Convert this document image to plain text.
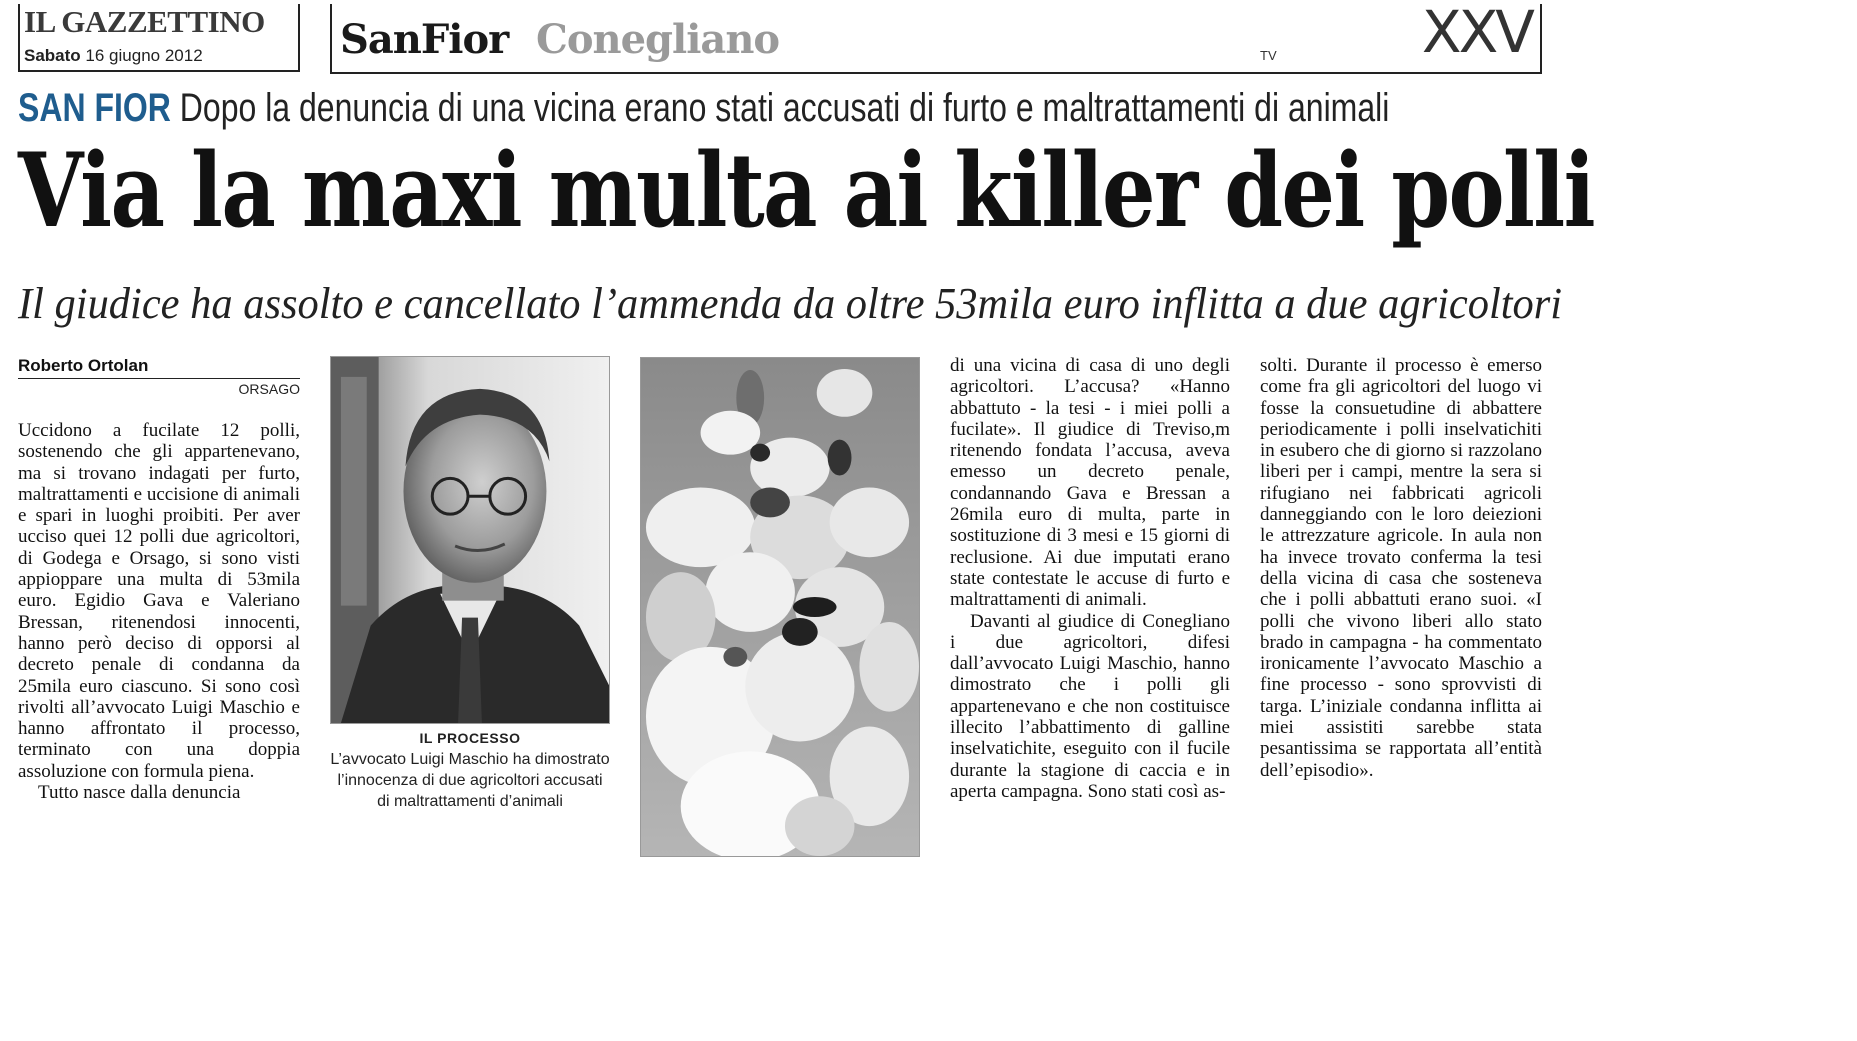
IL GAZZETTINO
Sabato 16 giugno 2012	SanFior Conegliano	TV	XXV
SAN FIOR Dopo la denuncia di una vicina erano stati accusati di furto e maltrattamenti di animali
Via la maxi multa ai killer dei polli
Il giudice ha assolto e cancellato l’ammenda da oltre 53mila euro inflitta a due agricoltori
Roberto Ortolan
ORSAGO

Uccidono a fucilate 12 polli, sostenendo che gli appartenevano, ma si trovano indagati per furto, maltrattamenti e uccisione di animali e spari in luoghi proibiti. Per aver ucciso quei 12 polli due agricoltori, di Godega e Orsago, si sono visti appioppare una multa di 53mila euro. Egidio Gava e Valeriano Bressan, ritenendosi innocenti, hanno però deciso di opporsi al decreto penale di condanna da 25mila euro ciascuno. Si sono così rivolti all’avvocato Luigi Maschio e hanno affrontato il processo, terminato con una doppia assoluzione con formula piena.

Tutto nasce dalla denuncia

IL PROCESSO
L’avvocato Luigi Maschio ha dimostrato l’innocenza di due agricoltori accusati di maltrattamenti d’animali

di una vicina di casa di uno degli agricoltori. L’accusa? «Hanno abbattuto - la tesi - i miei polli a fucilate». Il giudice di Treviso,m ritenendo fondata l’accusa, aveva emesso un decreto penale, condannando Gava e Bressan a 26mila euro di multa, parte in sostituzione di 3 mesi e 15 giorni di reclusione. Ai due imputati erano state contestate le accuse di furto e maltrattamenti di animali.

Davanti al giudice di Conegliano i due agricoltori, difesi dall’avvocato Luigi Maschio, hanno dimostrato che i polli gli appartenevano e che non costituisce illecito l’abbattimento di galline inselvatichite, eseguito con il fucile durante la stagione di caccia e in aperta campagna. Sono stati così as-

solti. Durante il processo è emerso come fra gli agricoltori del luogo vi fosse la consuetudine di abbattere periodicamente i polli inselvatichiti in esubero che di giorno si razzolano liberi per i campi, mentre la sera si rifugiano nei fabbricati agricoli danneggiando con le loro deiezioni le attrezzature agricole. In aula non ha invece trovato conferma la tesi della vicina di casa che sosteneva che i polli abbattuti erano suoi. «I polli che vivono liberi allo stato brado in campagna - ha commentato ironicamente l’avvocato Maschio a fine processo - sono sprovvisti di targa. L’iniziale condanna inflitta ai miei assistiti sarebbe stata pesantissima se rapportata all’entità dell’episodio».
